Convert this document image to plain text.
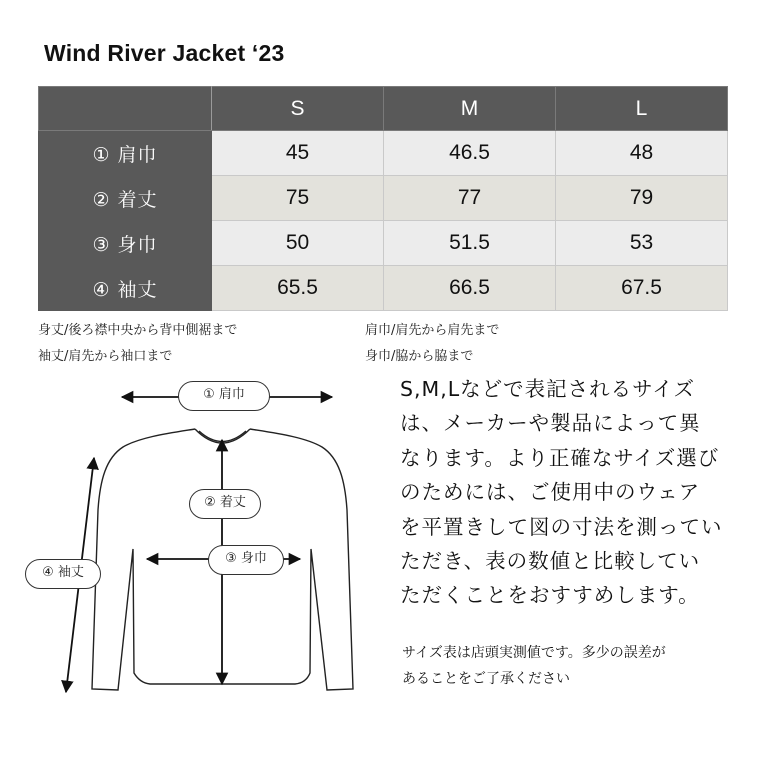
Wind River Jacket ‘23
	S	M	L
① 肩巾	45	46.5	48
② 着丈	75	77	79
③ 身巾	50	51.5	53
④ 袖丈	65.5	66.5	67.5
身丈/後ろ襟中央から背中側裾まで
袖丈/肩先から袖口まで
肩巾/肩先から肩先まで
身巾/脇から脇まで
① 肩巾
② 着丈
③ 身巾
④ 袖丈
S,M,Lなどで表記されるサイズ
は、メーカーや製品によって異
なります。より正確なサイズ選び
のためには、ご使用中のウェア
を平置きして図の寸法を測ってい
ただき、表の数値と比較してい
ただくことをおすすめします。
サイズ表は店頭実測値です。多少の誤差が
あることをご了承ください
